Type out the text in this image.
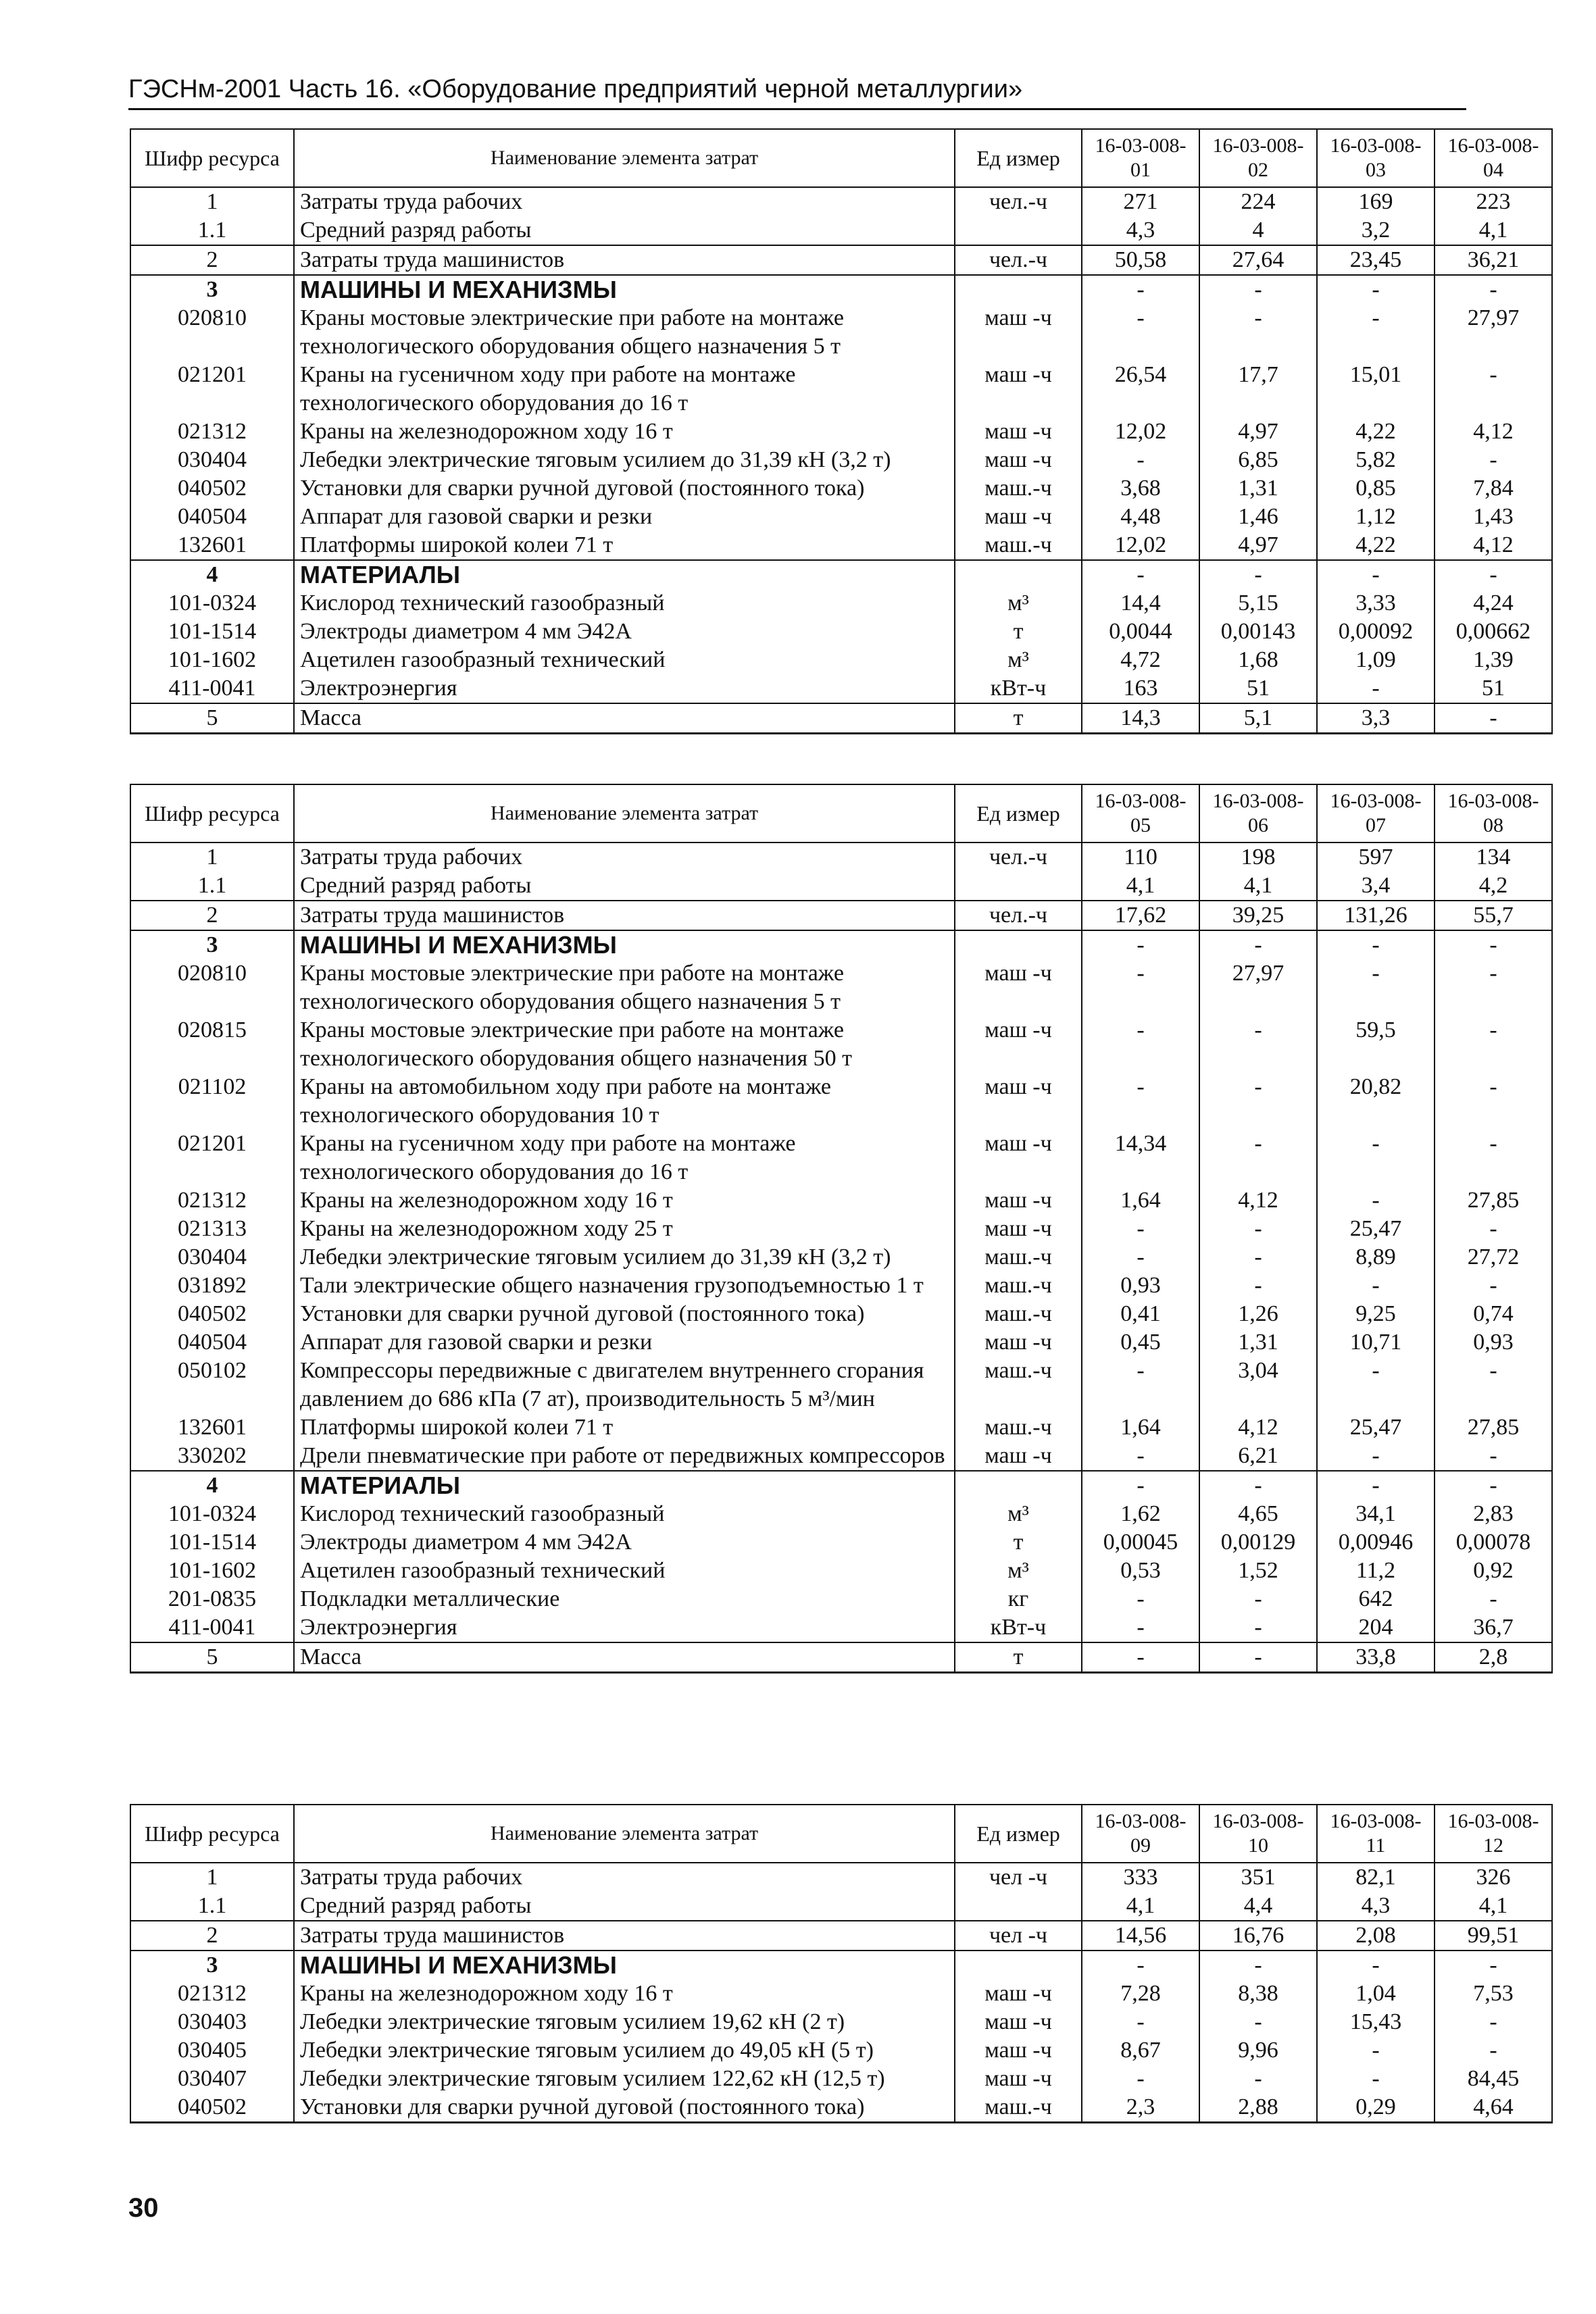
ГЭСНм-2001 Часть 16. «Оборудование предприятий черной металлургии»
Шифр ресурса	Наименование элемента затрат	Ед измер	16-03-008-01	16-03-008-02	16-03-008-03	16-03-008-04
1	Затраты труда рабочих	чел.-ч	271	224	169	223
1.1	Средний разряд работы		4,3	4	3,2	4,1
2	Затраты труда машинистов	чел.-ч	50,58	27,64	23,45	36,21
3	МАШИНЫ И МЕХАНИЗМЫ		-	-	-	-
020810	Краны мостовые электрические при работе на монтаже технологического оборудования общего назначения 5 т	маш -ч	-	-	-	27,97
021201	Краны на гусеничном ходу при работе на монтаже технологического оборудования до 16 т	маш -ч	26,54	17,7	15,01	-
021312	Краны на железнодорожном ходу 16 т	маш -ч	12,02	4,97	4,22	4,12
030404	Лебедки электрические тяговым усилием до 31,39 кН (3,2 т)	маш -ч	-	6,85	5,82	-
040502	Установки для сварки ручной дуговой (постоянного тока)	маш.-ч	3,68	1,31	0,85	7,84
040504	Аппарат для газовой сварки и резки	маш -ч	4,48	1,46	1,12	1,43
132601	Платформы широкой колеи 71 т	маш.-ч	12,02	4,97	4,22	4,12
4	МАТЕРИАЛЫ		-	-	-	-
101-0324	Кислород технический газообразный	м³	14,4	5,15	3,33	4,24
101-1514	Электроды диаметром 4 мм Э42А	т	0,0044	0,00143	0,00092	0,00662
101-1602	Ацетилен газообразный технический	м³	4,72	1,68	1,09	1,39
411-0041	Электроэнергия	кВт-ч	163	51	-	51
5	Масса	т	14,3	5,1	3,3	-
Шифр ресурса	Наименование элемента затрат	Ед измер	16-03-008-05	16-03-008-06	16-03-008-07	16-03-008-08
1	Затраты труда рабочих	чел.-ч	110	198	597	134
1.1	Средний разряд работы		4,1	4,1	3,4	4,2
2	Затраты труда машинистов	чел.-ч	17,62	39,25	131,26	55,7
3	МАШИНЫ И МЕХАНИЗМЫ		-	-	-	-
020810	Краны мостовые электрические при работе на монтаже технологического оборудования общего назначения 5 т	маш -ч	-	27,97	-	-
020815	Краны мостовые электрические при работе на монтаже технологического оборудования общего назначения 50 т	маш -ч	-	-	59,5	-
021102	Краны на автомобильном ходу при работе на монтаже технологического оборудования 10 т	маш -ч	-	-	20,82	-
021201	Краны на гусеничном ходу при работе на монтаже технологического оборудования до 16 т	маш -ч	14,34	-	-	-
021312	Краны на железнодорожном ходу 16 т	маш -ч	1,64	4,12	-	27,85
021313	Краны на железнодорожном ходу 25 т	маш -ч	-	-	25,47	-
030404	Лебедки электрические тяговым усилием до 31,39 кН (3,2 т)	маш.-ч	-	-	8,89	27,72
031892	Тали электрические общего назначения грузоподъемностью 1 т	маш.-ч	0,93	-	-	-
040502	Установки для сварки ручной дуговой (постоянного тока)	маш.-ч	0,41	1,26	9,25	0,74
040504	Аппарат для газовой сварки и резки	маш -ч	0,45	1,31	10,71	0,93
050102	Компрессоры передвижные с двигателем внутреннего сгорания давлением до 686 кПа (7 ат), производительность 5 м³/мин	маш.-ч	-	3,04	-	-
132601	Платформы широкой колеи 71 т	маш.-ч	1,64	4,12	25,47	27,85
330202	Дрели пневматические при работе от передвижных компрессоров	маш -ч	-	6,21	-	-
4	МАТЕРИАЛЫ		-	-	-	-
101-0324	Кислород технический газообразный	м³	1,62	4,65	34,1	2,83
101-1514	Электроды диаметром 4 мм Э42А	т	0,00045	0,00129	0,00946	0,00078
101-1602	Ацетилен газообразный технический	м³	0,53	1,52	11,2	0,92
201-0835	Подкладки металлические	кг	-	-	642	-
411-0041	Электроэнергия	кВт-ч	-	-	204	36,7
5	Масса	т	-	-	33,8	2,8
Шифр ресурса	Наименование элемента затрат	Ед измер	16-03-008-09	16-03-008-10	16-03-008-11	16-03-008-12
1	Затраты труда рабочих	чел -ч	333	351	82,1	326
1.1	Средний разряд работы		4,1	4,4	4,3	4,1
2	Затраты труда машинистов	чел -ч	14,56	16,76	2,08	99,51
3	МАШИНЫ И МЕХАНИЗМЫ		-	-	-	-
021312	Краны на железнодорожном ходу 16 т	маш -ч	7,28	8,38	1,04	7,53
030403	Лебедки электрические тяговым усилием 19,62 кН (2 т)	маш -ч	-	-	15,43	-
030405	Лебедки электрические тяговым усилием до 49,05 кН (5 т)	маш -ч	8,67	9,96	-	-
030407	Лебедки электрические тяговым усилием 122,62 кН (12,5 т)	маш -ч	-	-	-	84,45
040502	Установки для сварки ручной дуговой (постоянного тока)	маш.-ч	2,3	2,88	0,29	4,64
30
